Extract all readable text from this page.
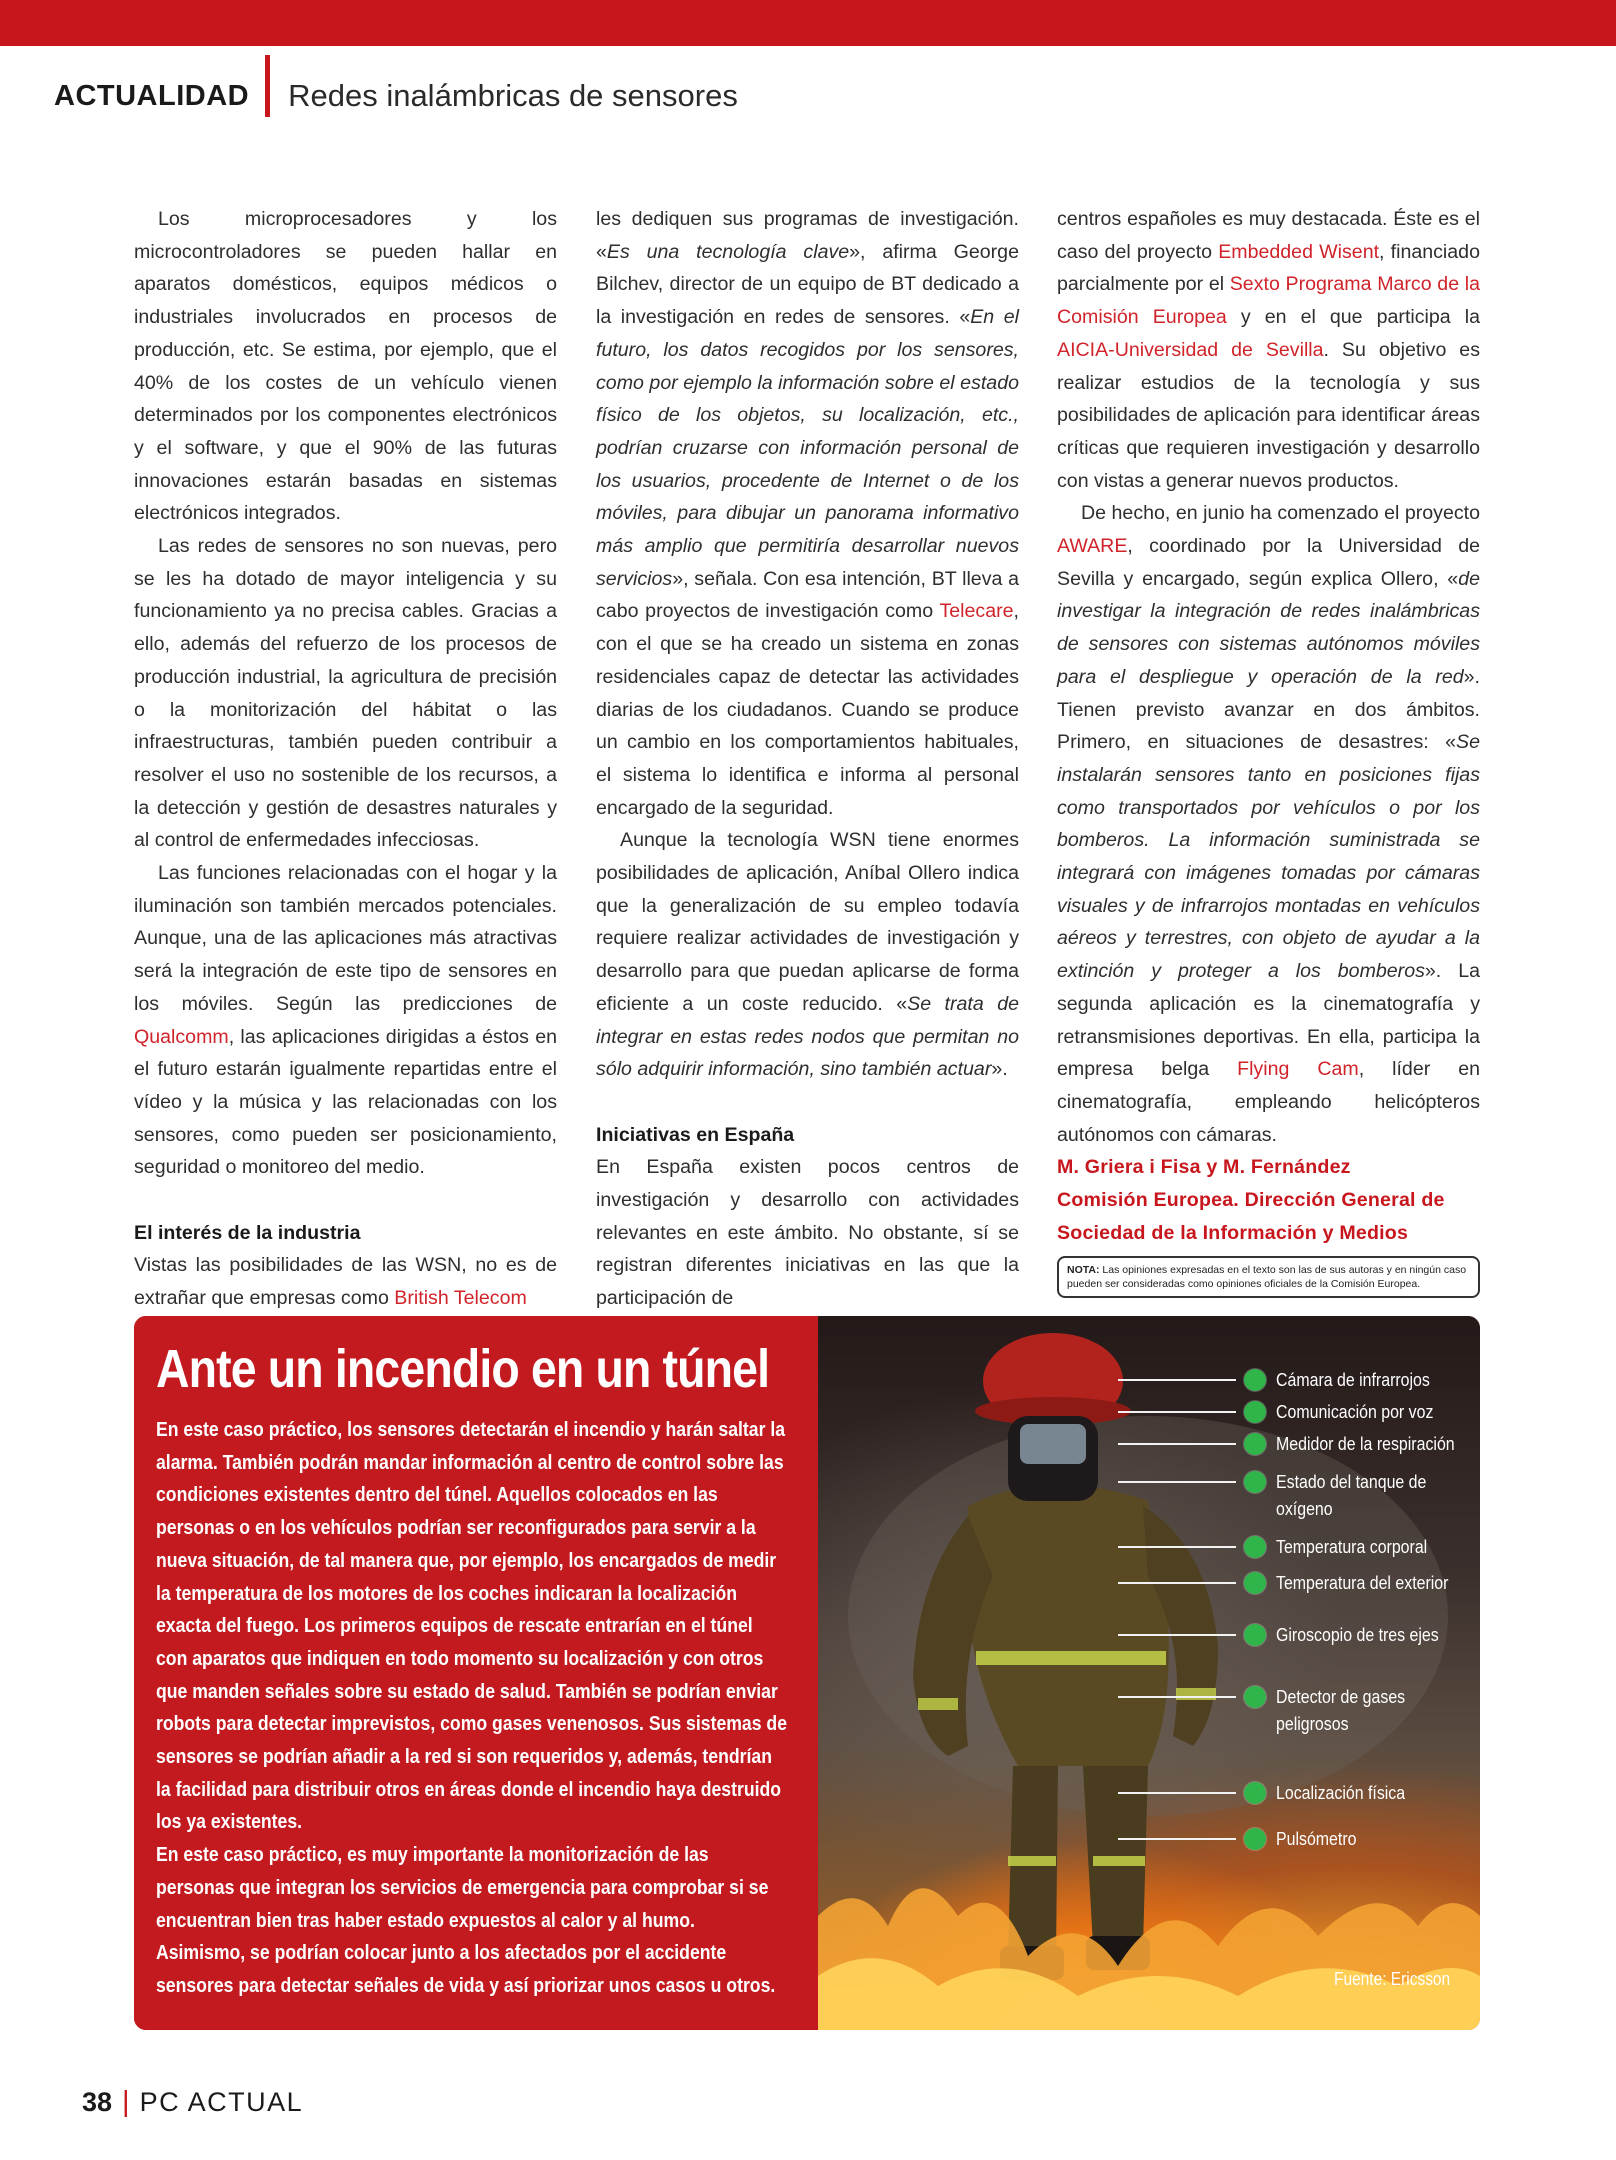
ACTUALIDAD Redes inalámbricas de sensores

Los microprocesadores y los microcontroladores se pueden hallar en aparatos domésticos, equipos médicos o industriales involucrados en procesos de producción, etc. Se estima, por ejemplo, que el 40% de los costes de un vehículo vienen determinados por los componentes electrónicos y el software, y que el 90% de las futuras innovaciones estarán basadas en sistemas electrónicos integrados.

Las redes de sensores no son nuevas, pero se les ha dotado de mayor inteligencia y su funcionamiento ya no precisa cables. Gracias a ello, además del refuerzo de los procesos de producción industrial, la agricultura de precisión o la monitorización del hábitat o las infraestructuras, también pueden contribuir a resolver el uso no sostenible de los recursos, a la detección y gestión de desastres naturales y al control de enfermedades infecciosas.

Las funciones relacionadas con el hogar y la iluminación son también mercados potenciales. Aunque, una de las aplicaciones más atractivas será la integración de este tipo de sensores en los móviles. Según las predicciones de Qualcomm, las aplicaciones dirigidas a éstos en el futuro estarán igualmente repartidas entre el vídeo y la música y las relacionadas con los sensores, como pueden ser posicionamiento, seguridad o monitoreo del medio.

El interés de la industria

Vistas las posibilidades de las WSN, no es de extrañar que empresas como British Telecom

les dediquen sus programas de investigación. «Es una tecnología clave», afirma George Bilchev, director de un equipo de BT dedicado a la investigación en redes de sensores. «En el futuro, los datos recogidos por los sensores, como por ejemplo la información sobre el estado físico de los objetos, su localización, etc., podrían cruzarse con información personal de los usuarios, procedente de Internet o de los móviles, para dibujar un panorama informativo más amplio que permitiría desarrollar nuevos servicios», señala. Con esa intención, BT lleva a cabo proyectos de investigación como Telecare, con el que se ha creado un sistema en zonas residenciales capaz de detectar las actividades diarias de los ciudadanos. Cuando se produce un cambio en los comportamientos habituales, el sistema lo identifica e informa al personal encargado de la seguridad.

Aunque la tecnología WSN tiene enormes posibilidades de aplicación, Aníbal Ollero indica que la generalización de su empleo todavía requiere realizar actividades de investigación y desarrollo para que puedan aplicarse de forma eficiente a un coste reducido. «Se trata de integrar en estas redes nodos que permitan no sólo adquirir información, sino también actuar».

Iniciativas en España

En España existen pocos centros de investigación y desarrollo con actividades relevantes en este ámbito. No obstante, sí se registran diferentes iniciativas en las que la participación de

centros españoles es muy destacada. Éste es el caso del proyecto Embedded Wisent, financiado parcialmente por el Sexto Programa Marco de la Comisión Europea y en el que participa la AICIA-Universidad de Sevilla. Su objetivo es realizar estudios de la tecnología y sus posibilidades de aplicación para identificar áreas críticas que requieren investigación y desarrollo con vistas a generar nuevos productos.

De hecho, en junio ha comenzado el proyecto AWARE, coordinado por la Universidad de Sevilla y encargado, según explica Ollero, «de investigar la integración de redes inalámbricas de sensores con sistemas autónomos móviles para el despliegue y operación de la red». Tienen previsto avanzar en dos ámbitos. Primero, en situaciones de desastres: «Se instalarán sensores tanto en posiciones fijas como transportados por vehículos o por los bomberos. La información suministrada se integrará con imágenes tomadas por cámaras visuales y de infrarrojos montadas en vehículos aéreos y terrestres, con objeto de ayudar a la extinción y proteger a los bomberos». La segunda aplicación es la cinematografía y retransmisiones deportivas. En ella, participa la empresa belga Flying Cam, líder en cinematografía, empleando helicópteros autónomos con cámaras.

M. Griera i Fisa y M. Fernández

Comisión Europea. Dirección General de Sociedad de la Información y Medios

NOTA: Las opiniones expresadas en el texto son las de sus autoras y en ningún caso pueden ser consideradas como opiniones oficiales de la Comisión Europea.
Ante un incendio en un túnel

En este caso práctico, los sensores detectarán el incendio y harán saltar la alarma. También podrán mandar información al centro de control sobre las condiciones existentes dentro del túnel. Aquellos colocados en las personas o en los vehículos podrían ser reconfigurados para servir a la nueva situación, de tal manera que, por ejemplo, los encargados de medir la temperatura de los motores de los coches indicaran la localización exacta del fuego. Los primeros equipos de rescate entrarían en el túnel con aparatos que indiquen en todo momento su localización y con otros que manden señales sobre su estado de salud. También se podrían enviar robots para detectar imprevistos, como gases venenosos. Sus sistemas de sensores se podrían añadir a la red si son requeridos y, además, tendrían la facilidad para distribuir otros en áreas donde el incendio haya destruido los ya existentes.

En este caso práctico, es muy importante la monitorización de las personas que integran los servicios de emergencia para comprobar si se encuentran bien tras haber estado expuestos al calor y al humo. Asimismo, se podrían colocar junto a los afectados por el accidente sensores para detectar señales de vida y así priorizar unos casos u otros.

Cámara de infrarrojos
Comunicación por voz
Medidor de la respiración
Estado del tanque de oxígeno
Temperatura corporal
Temperatura del exterior
Giroscopio de tres ejes
Detector de gases peligrosos
Localización física
Pulsómetro
Fuente: Ericsson
38 | PC ACTUAL
